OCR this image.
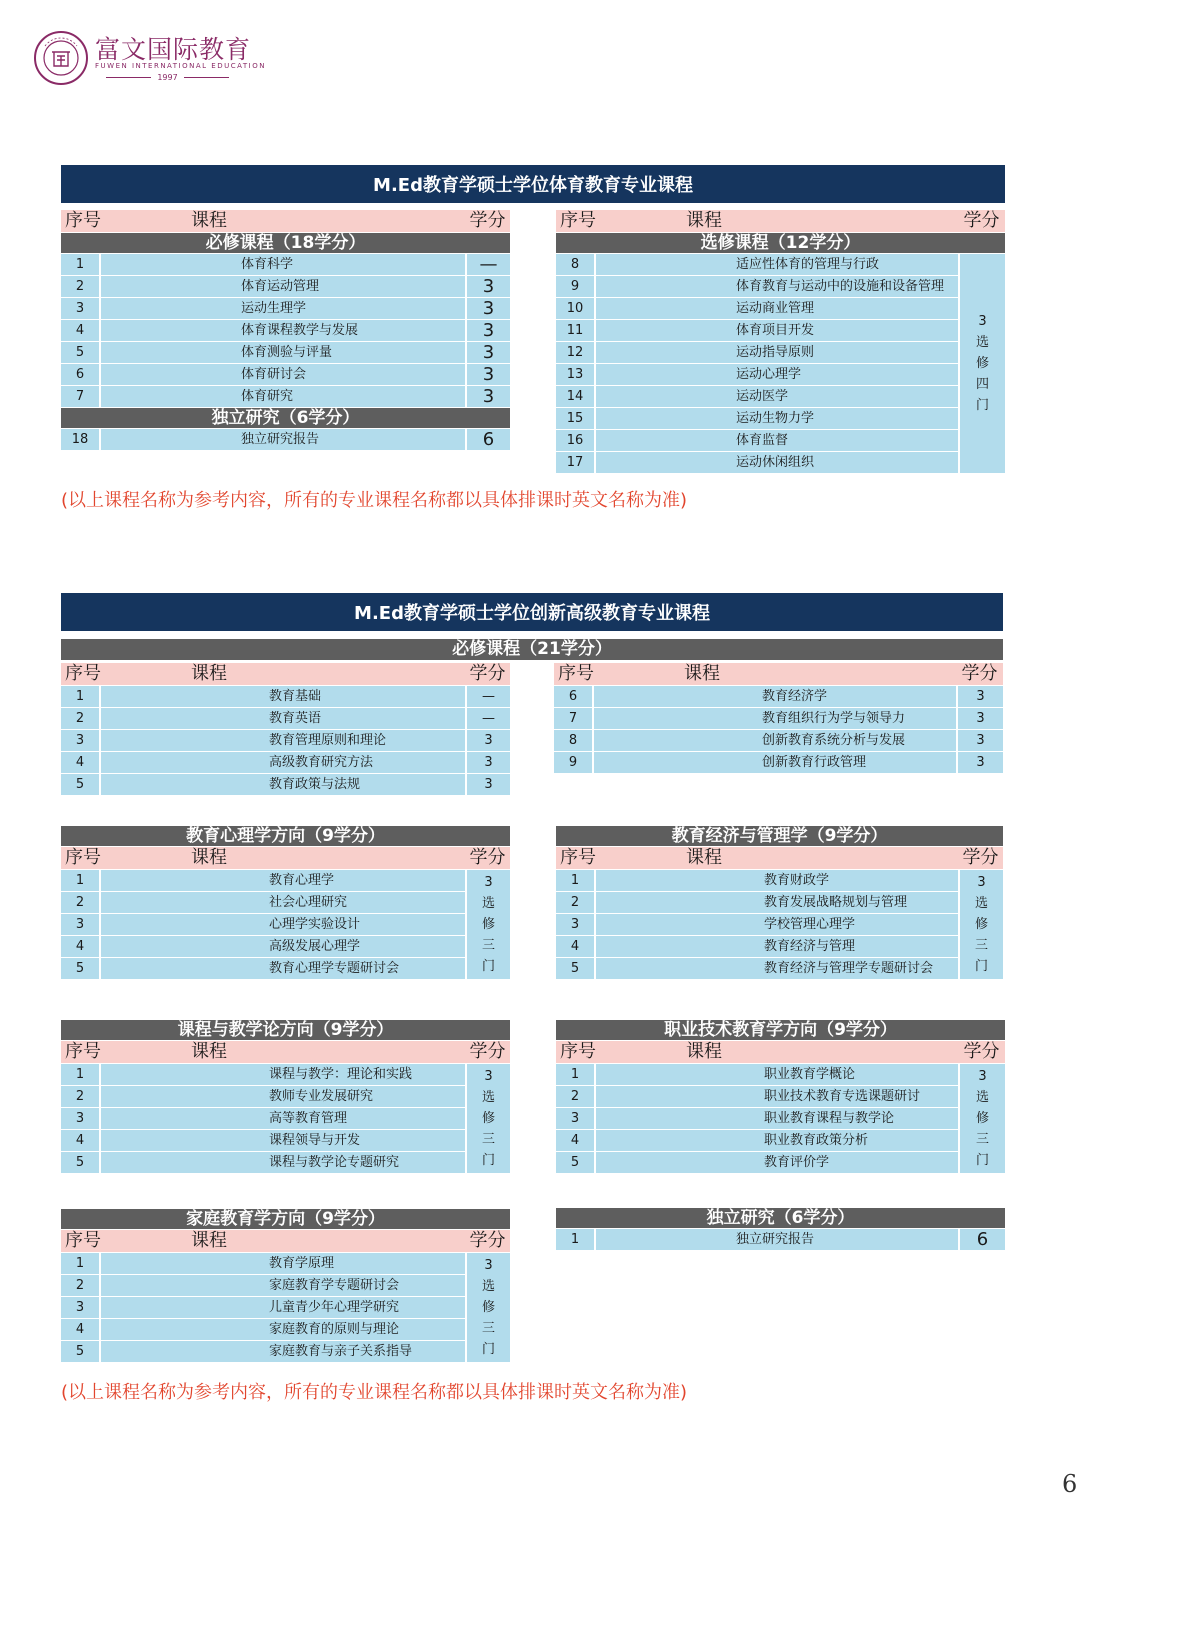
富文国际教育
FUWEN INTERNATIONAL EDUCATION
1997
M.Ed教育学硕士学位体育教育专业课程
序号	课程	学分
必修课程（18学分）		
1	体育科学	—
2	体育运动管理	3
3	运动生理学	3
4	体育课程教学与发展	3
5	体育测验与评量	3
6	体育研讨会	3
7	体育研究	3
独立研究（6学分）		
18	独立研究报告	6
序号	课程	学分
选修课程（12学分）		
8	适应性体育的管理与行政	3
选修四门
9	体育教育与运动中的设施和设备管理	
10	运动商业管理	
11	体育项目开发	
12	运动指导原则	
13	运动心理学	
14	运动医学	
15	运动生物力学	
16	体育监督	
17	运动休闲组织	
(以上课程名称为参考内容，所有的专业课程名称都以具体排课时英文名称为准)
M.Ed教育学硕士学位创新高级教育专业课程
必修课程（21学分）
序号	课程	学分
1	教育基础	—
2	教育英语	—
3	教育管理原则和理论	3
4	高级教育研究方法	3
5	教育政策与法规	3
序号	课程	学分
6	教育经济学	3
7	教育组织行为学与领导力	3
8	创新教育系统分析与发展	3
9	创新教育行政管理	3
教育心理学方向（9学分）		
序号	课程	学分
1	教育心理学	3
选修三门
2	社会心理研究	
3	心理学实验设计	
4	高级发展心理学	
5	教育心理学专题研讨会	
教育经济与管理学（9学分）		
序号	课程	学分
1	教育财政学	3
选修三门
2	教育发展战略规划与管理	
3	学校管理心理学	
4	教育经济与管理	
5	教育经济与管理学专题研讨会	
课程与教学论方向（9学分）		
序号	课程	学分
1	课程与教学：理论和实践	3
选修三门
2	教师专业发展研究	
3	高等教育管理	
4	课程领导与开发	
5	课程与教学论专题研究	
职业技术教育学方向（9学分）		
序号	课程	学分
1	职业教育学概论	3
选修三门
2	职业技术教育专选课题研讨	
3	职业教育课程与教学论	
4	职业教育政策分析	
5	教育评价学	
家庭教育学方向（9学分）		
序号	课程	学分
1	教育学原理	3
选修三门
2	家庭教育学专题研讨会	
3	儿童青少年心理学研究	
4	家庭教育的原则与理论	
5	家庭教育与亲子关系指导	
独立研究（6学分）
1	独立研究报告	6
(以上课程名称为参考内容，所有的专业课程名称都以具体排课时英文名称为准)
6
